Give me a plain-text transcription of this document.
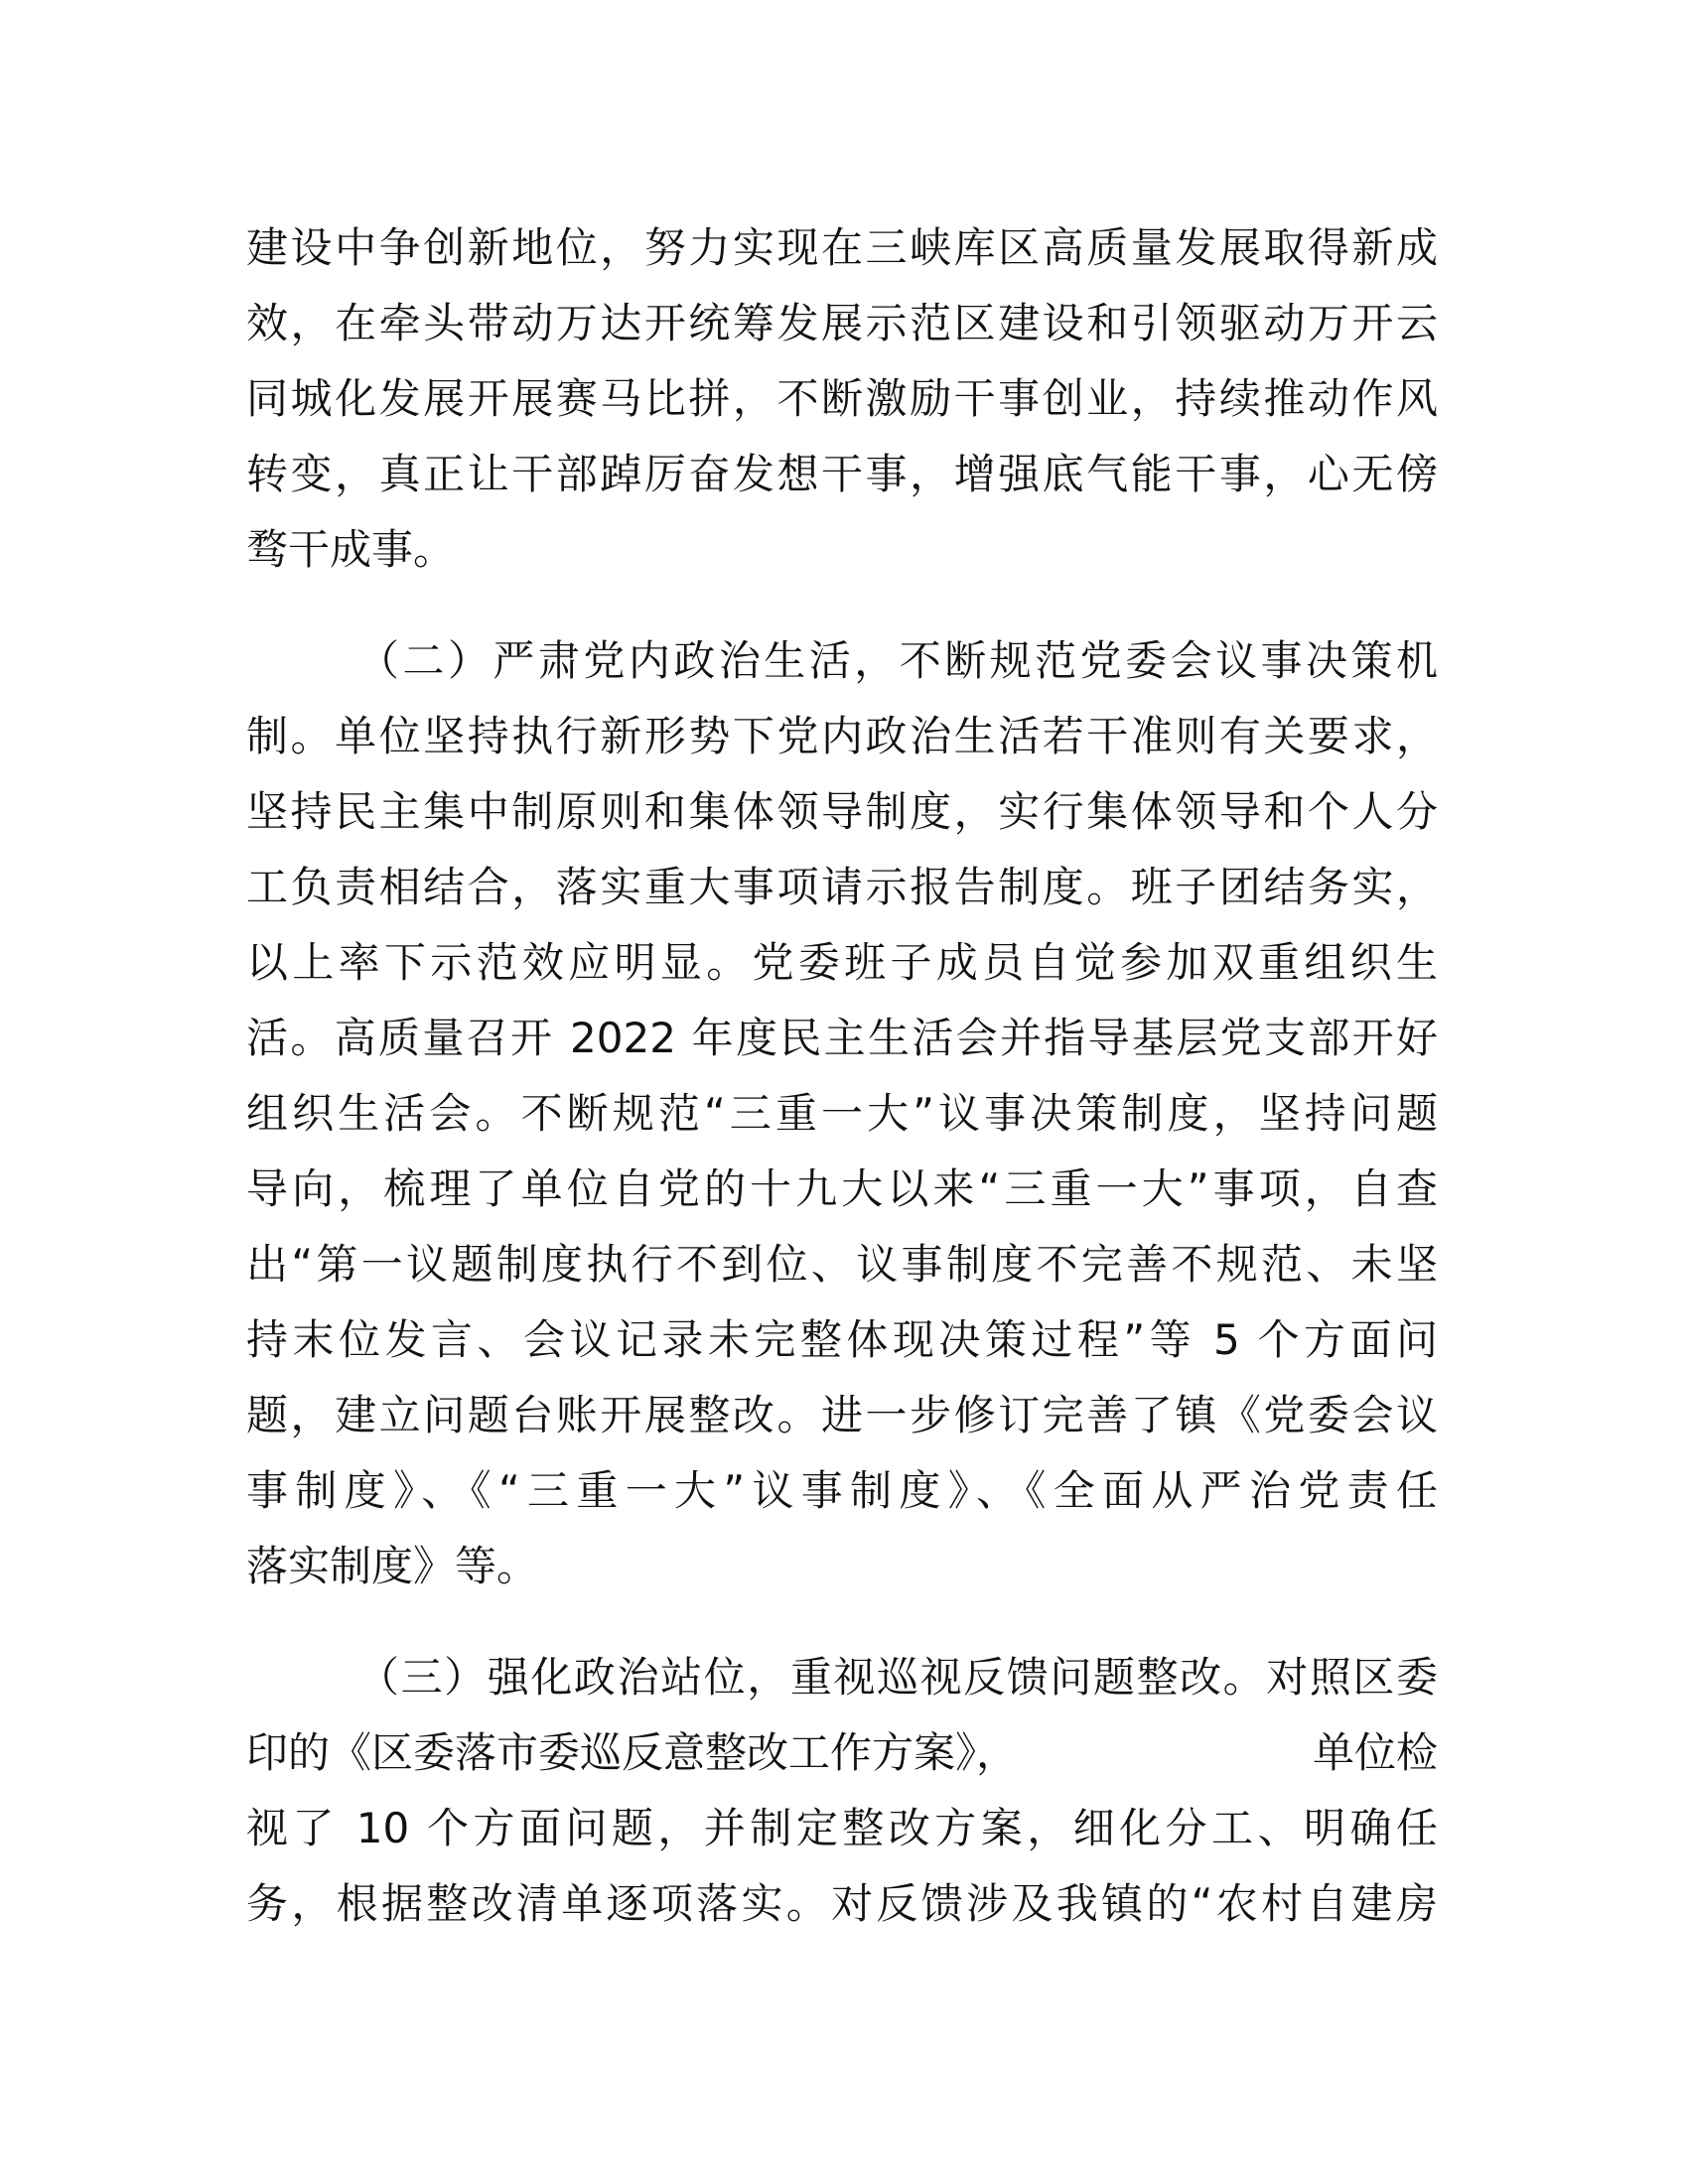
建设中争创新地位，努力实现在三峡库区高质量发展取得新成
效，在牵头带动万达开统筹发展示范区建设和引领驱动万开云
同城化发展开展赛马比拼，不断激励干事创业，持续推动作风
转变，真正让干部踔厉奋发想干事，增强底气能干事，心无傍
骛干成事。
（二）严肃党内政治生活，不断规范党委会议事决策机
制。单位坚持执行新形势下党内政治生活若干准则有关要求，
坚持民主集中制原则和集体领导制度，实行集体领导和个人分
工负责相结合，落实重大事项请示报告制度。班子团结务实，
以上率下示范效应明显。党委班子成员自觉参加双重组织生
活。高质量召开 2022 年度民主生活会并指导基层党支部开好
组织生活会。不断规范“三重一大”议事决策制度，坚持问题
导向，梳理了单位自党的十九大以来“三重一大”事项，自查
出“第一议题制度执行不到位、议事制度不完善不规范、未坚
持末位发言、会议记录未完整体现决策过程”等 5 个方面问
题，建立问题台账开展整改。进一步修订完善了镇《党委会议
事制度》、《“三重一大”议事制度》、《全面从严治党责任
落实制度》等。
（三）强化政治站位，重视巡视反馈问题整改。对照区委
印的《区委落市委巡反意整改工作方案》，	单位检
视了 10 个方面问题，并制定整改方案，细化分工、明确任
务，根据整改清单逐项落实。对反馈涉及我镇的“农村自建房
